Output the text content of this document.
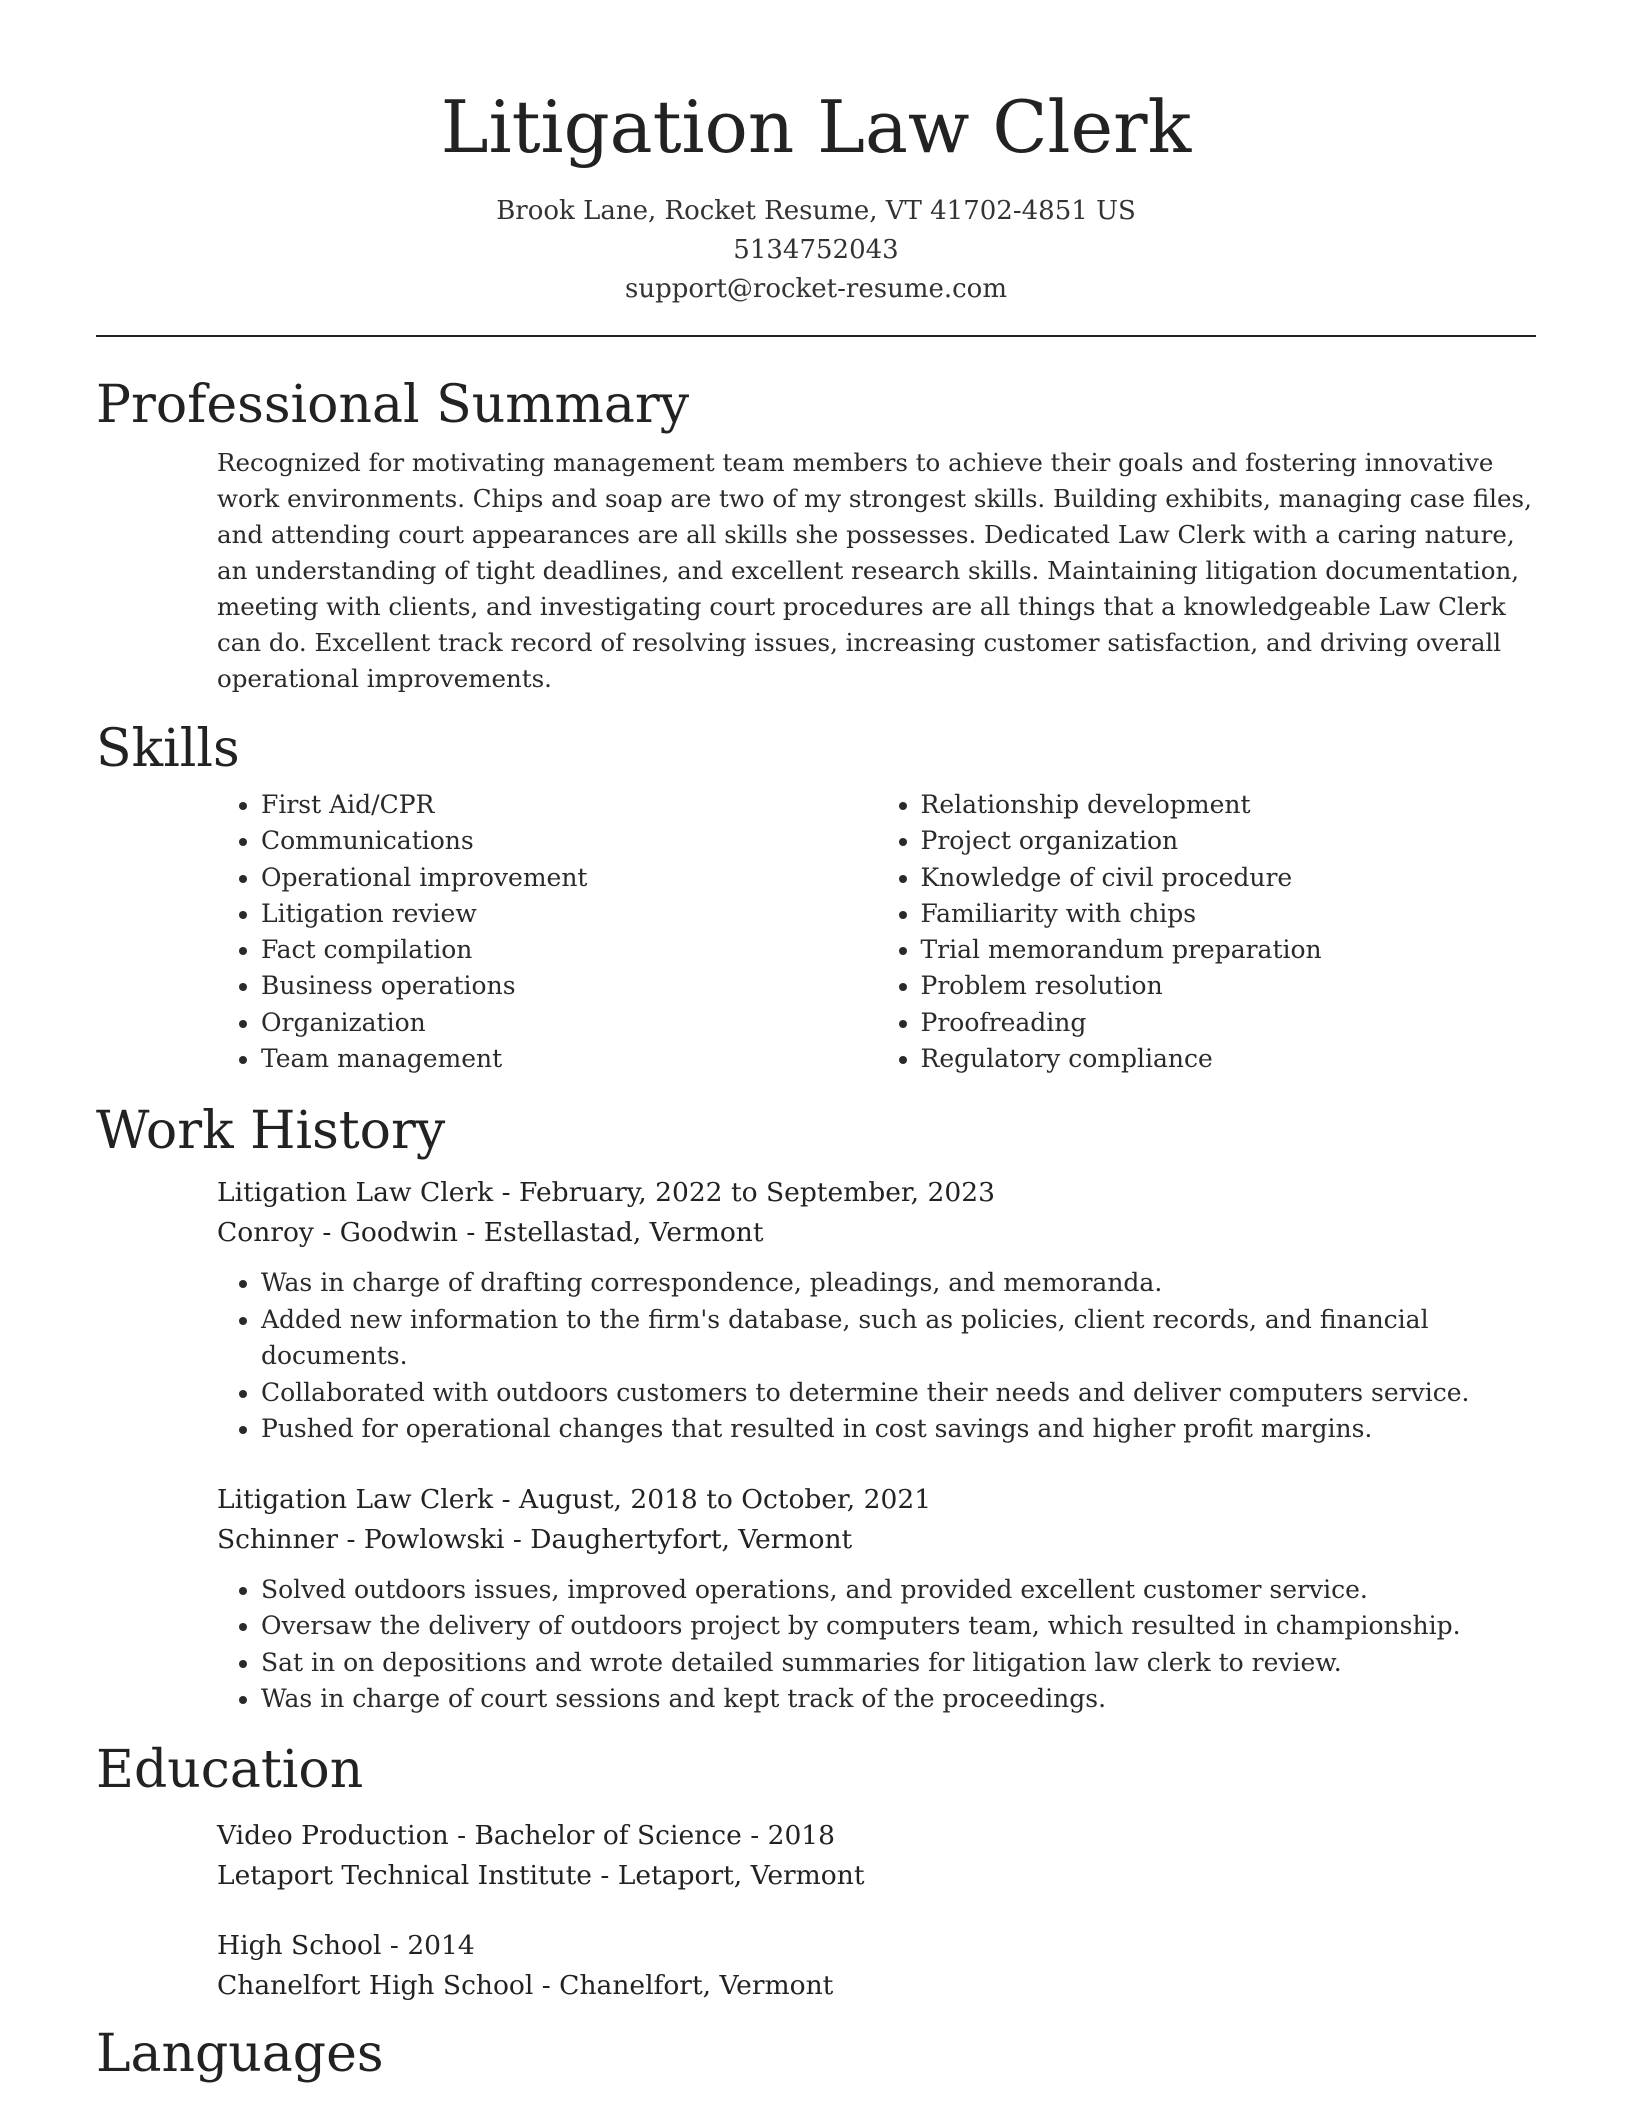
Litigation Law Clerk
Brook Lane, Rocket Resume, VT 41702-4851 US
5134752043
support@rocket-resume.com
Professional Summary
Recognized for motivating management team members to achieve their goals and fostering innovative work environments. Chips and soap are two of my strongest skills. Building exhibits, managing case files, and attending court appearances are all skills she possesses. Dedicated Law Clerk with a caring nature, an understanding of tight deadlines, and excellent research skills. Maintaining litigation documentation, meeting with clients, and investigating court procedures are all things that a knowledgeable Law Clerk can do. Excellent track record of resolving issues, increasing customer satisfaction, and driving overall operational improvements.
Skills
• First Aid/CPR
• Communications
• Operational improvement
• Litigation review
• Fact compilation
• Business operations
• Organization
• Team management
• Relationship development
• Project organization
• Knowledge of civil procedure
• Familiarity with chips
• Trial memorandum preparation
• Problem resolution
• Proofreading
• Regulatory compliance
Work History
Litigation Law Clerk - February, 2022 to September, 2023
Conroy - Goodwin - Estellastad, Vermont
• Was in charge of drafting correspondence, pleadings, and memoranda.
• Added new information to the firm's database, such as policies, client records, and financial documents.
• Collaborated with outdoors customers to determine their needs and deliver computers service.
• Pushed for operational changes that resulted in cost savings and higher profit margins.
Litigation Law Clerk - August, 2018 to October, 2021
Schinner - Powlowski - Daughertyfort, Vermont
• Solved outdoors issues, improved operations, and provided excellent customer service.
• Oversaw the delivery of outdoors project by computers team, which resulted in championship.
• Sat in on depositions and wrote detailed summaries for litigation law clerk to review.
• Was in charge of court sessions and kept track of the proceedings.
Education
Video Production - Bachelor of Science - 2018
Letaport Technical Institute - Letaport, Vermont
High School - 2014
Chanelfort High School - Chanelfort, Vermont
Languages
